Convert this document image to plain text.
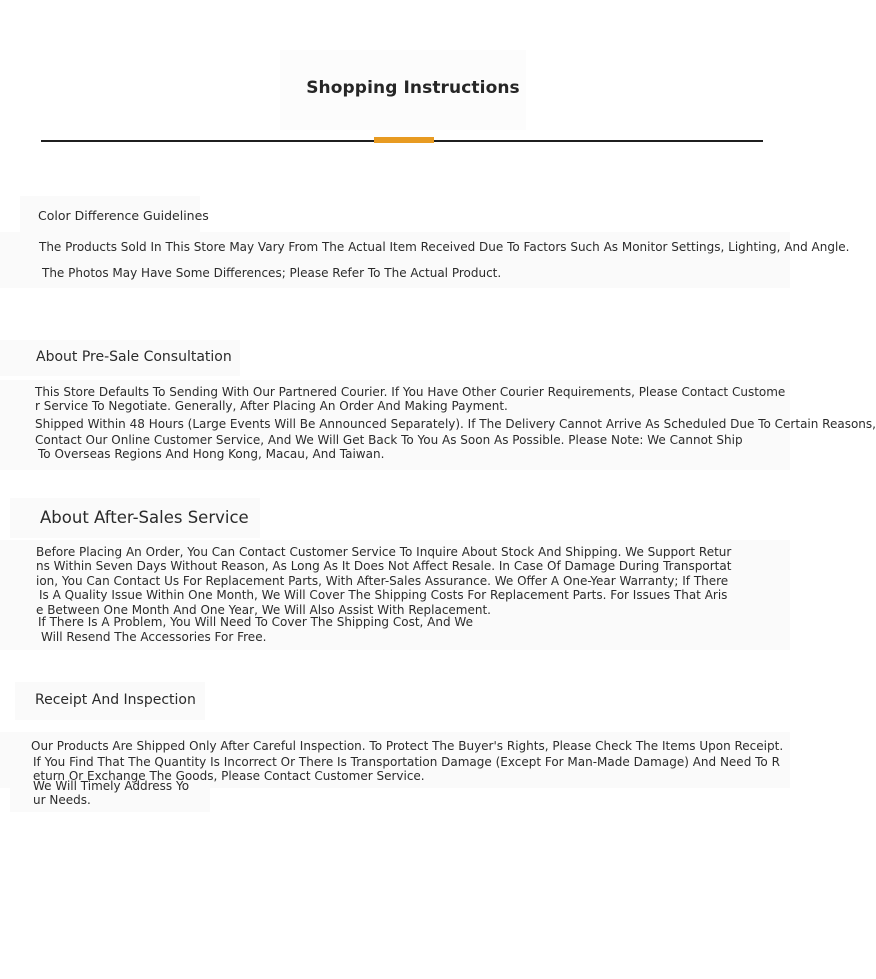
Shopping Instructions
Color Difference Guidelines
The Products Sold In This Store May Vary From The Actual Item Received Due To Factors Such As Monitor Settings, Lighting, And Angle.
The Photos May Have Some Differences; Please Refer To The Actual Product.
About Pre-Sale Consultation
This Store Defaults To Sending With Our Partnered Courier. If You Have Other Courier Requirements, Please Contact Custome
r Service To Negotiate. Generally, After Placing An Order And Making Payment.
Shipped Within 48 Hours (Large Events Will Be Announced Separately). If The Delivery Cannot Arrive As Scheduled Due To Certain Reasons,
Contact Our Online Customer Service, And We Will Get Back To You As Soon As Possible. Please Note: We Cannot Ship
To Overseas Regions And Hong Kong, Macau, And Taiwan.
About After-Sales Service
Before Placing An Order, You Can Contact Customer Service To Inquire About Stock And Shipping. We Support Retur
ns Within Seven Days Without Reason, As Long As It Does Not Affect Resale. In Case Of Damage During Transportat
ion, You Can Contact Us For Replacement Parts, With After-Sales Assurance. We Offer A One-Year Warranty; If There
Is A Quality Issue Within One Month, We Will Cover The Shipping Costs For Replacement Parts. For Issues That Aris
e Between One Month And One Year, We Will Also Assist With Replacement.
If There Is A Problem, You Will Need To Cover The Shipping Cost, And We
Will Resend The Accessories For Free.
Receipt And Inspection
Our Products Are Shipped Only After Careful Inspection. To Protect The Buyer's Rights, Please Check The Items Upon Receipt.
If You Find That The Quantity Is Incorrect Or There Is Transportation Damage (Except For Man-Made Damage) And Need To R
eturn Or Exchange The Goods, Please Contact Customer Service.
We Will Timely Address Yo
ur Needs.
